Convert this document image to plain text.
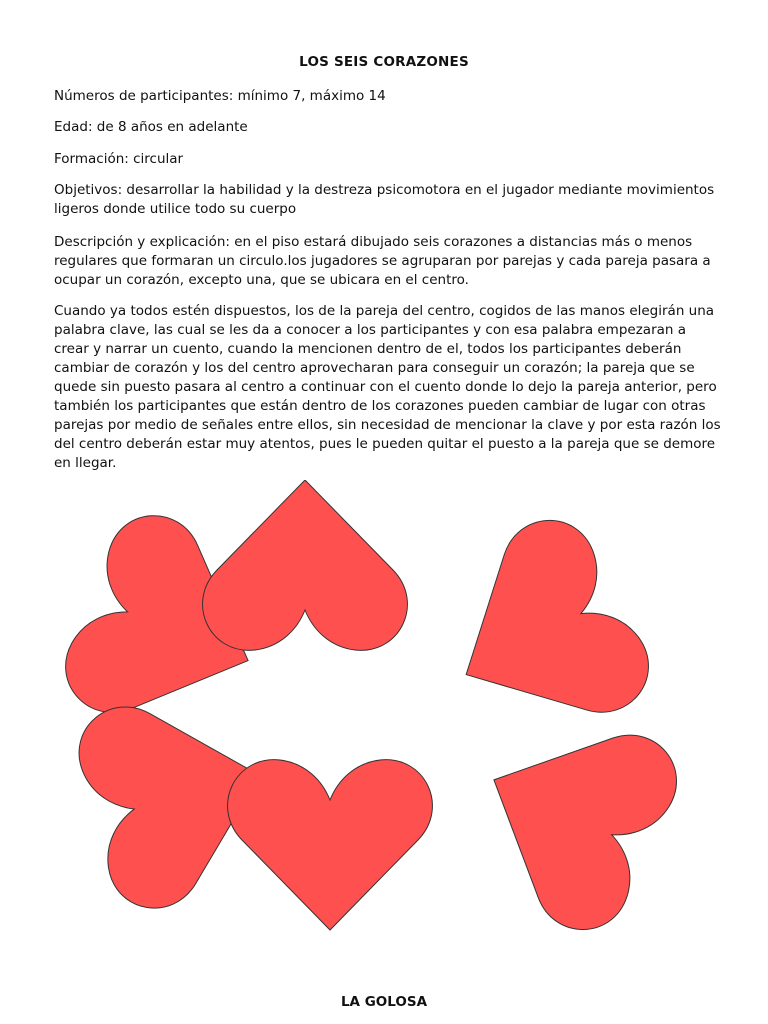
LOS SEIS CORAZONES

Números de participantes: mínimo 7, máximo 14

Edad: de 8 años en adelante

Formación: circular

Objetivos: desarrollar la habilidad y la destreza psicomotora en el jugador mediante movimientos ligeros donde utilice todo su cuerpo

Descripción y explicación: en el piso estará dibujado seis corazones a distancias más o menos regulares que formaran un circulo.los jugadores se agruparan por parejas y cada pareja pasara a ocupar un corazón, excepto una, que se ubicara en el centro.

Cuando ya todos estén dispuestos, los de la pareja del centro, cogidos de las manos elegirán una palabra clave, las cual se les da a conocer a los participantes y con esa palabra empezaran a crear y narrar un cuento, cuando la mencionen dentro de el, todos los participantes deberán cambiar de corazón y los del centro aprovecharan para conseguir un corazón; la pareja que se quede sin puesto pasara al centro a continuar con el cuento donde lo dejo la pareja anterior, pero también los participantes que están dentro de los corazones pueden cambiar de lugar con otras parejas por medio de señales entre ellos, sin necesidad de mencionar la clave y por esta razón los del centro deberán estar muy atentos, pues le pueden quitar el puesto a la pareja que se demore en llegar.

LA GOLOSA
